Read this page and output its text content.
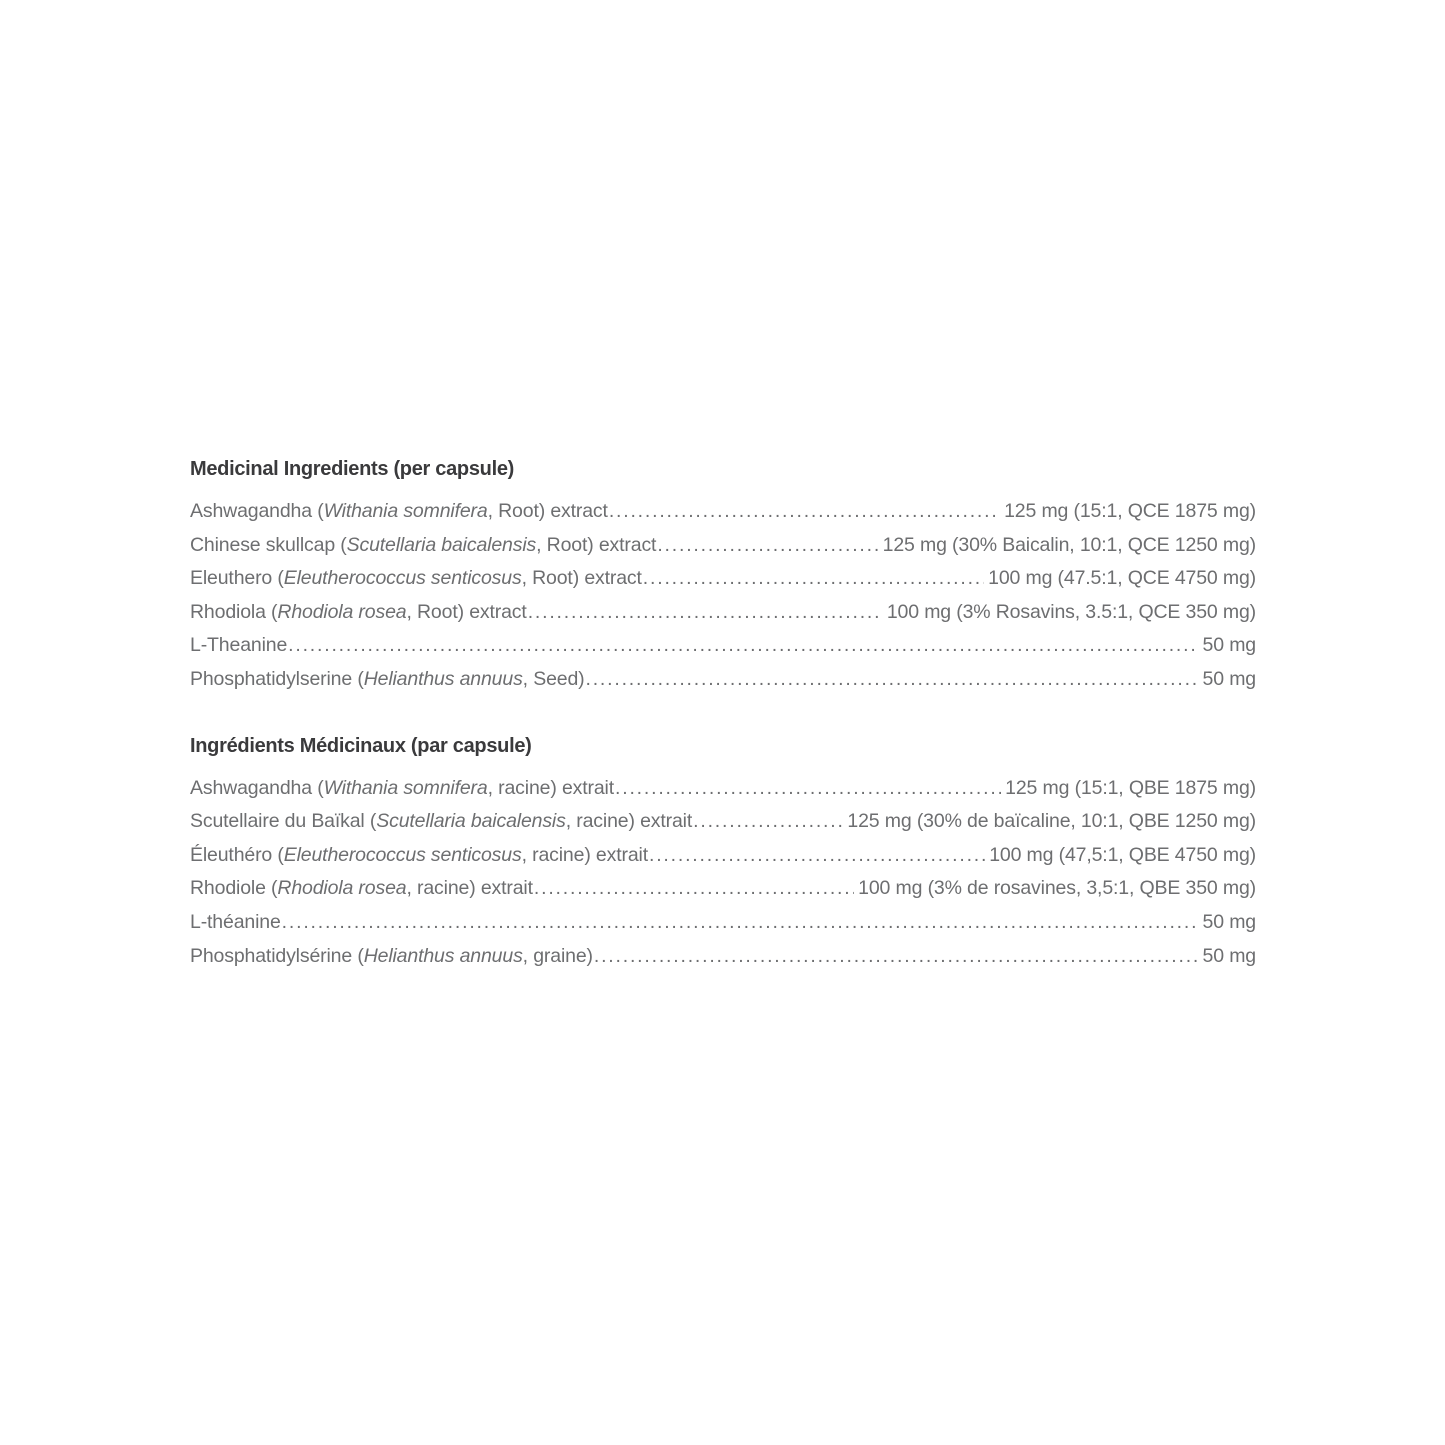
Medicinal Ingredients (per capsule)
Ashwagandha (Withania somnifera, Root) extract .....	125 mg (15:1, QCE 1875 mg)
Chinese skullcap (Scutellaria baicalensis, Root) extract .....	125 mg (30% Baicalin, 10:1, QCE 1250 mg)
Eleuthero (Eleutherococcus senticosus, Root) extract .....	100 mg (47.5:1, QCE 4750 mg)
Rhodiola (Rhodiola rosea, Root) extract .....	100 mg (3% Rosavins, 3.5:1, QCE 350 mg)
L-Theanine .....	50 mg
Phosphatidylserine (Helianthus annuus, Seed) .....	50 mg
Ingrédients Médicinaux (par capsule)
Ashwagandha (Withania somnifera, racine) extrait .....	125 mg (15:1, QBE 1875 mg)
Scutellaire du Baïkal (Scutellaria baicalensis, racine) extrait .....	125 mg (30% de baïcaline, 10:1, QBE 1250 mg)
Éleuthéro (Eleutherococcus senticosus, racine) extrait .....	100 mg (47,5:1, QBE 4750 mg)
Rhodiole (Rhodiola rosea, racine) extrait .....	100 mg (3% de rosavines, 3,5:1, QBE 350 mg)
L-théanine .....	50 mg
Phosphatidylsérine (Helianthus annuus, graine) .....	50 mg
